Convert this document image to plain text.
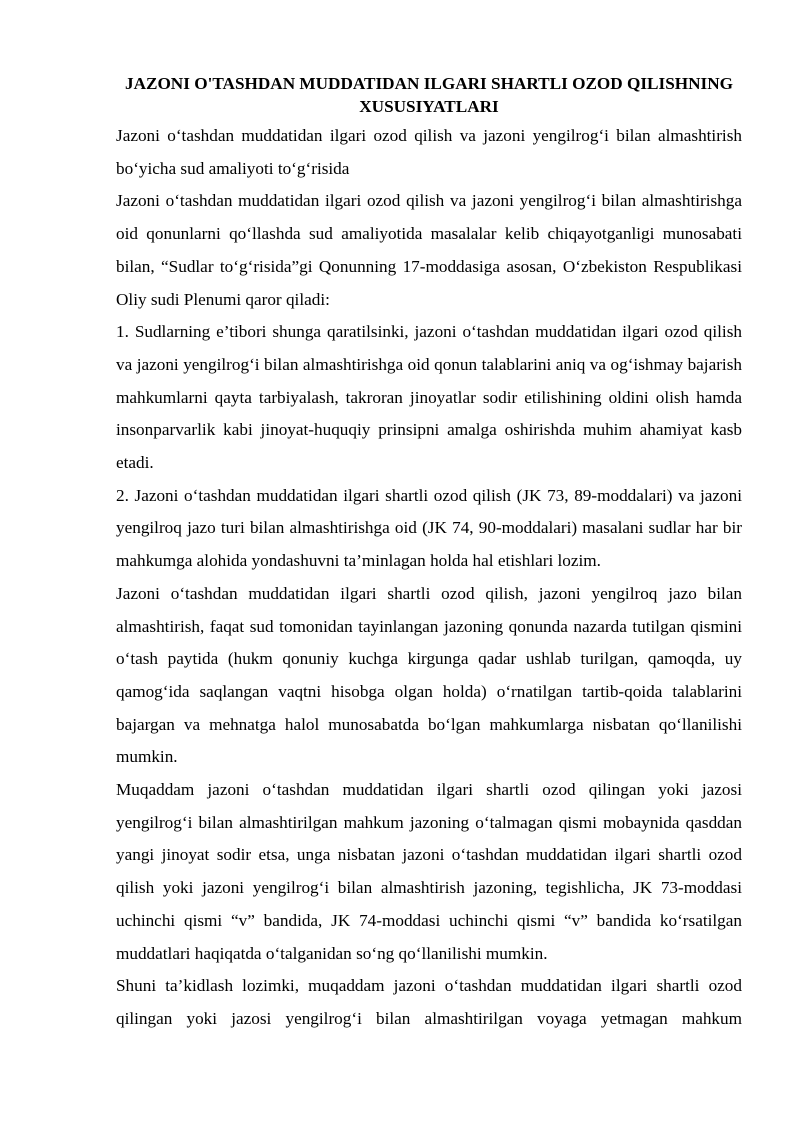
JAZONI O'TASHDAN MUDDATIDAN ILGARI SHARTLI OZOD QILISHNING XUSUSIYATLARI

Jazoni o‘tashdan muddatidan ilgari ozod qilish va jazoni yengilrog‘i bilan almashtirish bo‘yicha sud amaliyoti to‘g‘risida

Jazoni o‘tashdan muddatidan ilgari ozod qilish va jazoni yengilrog‘i bilan almashtirishga oid qonunlarni qo‘llashda sud amaliyotida masalalar kelib chiqayotganligi munosabati bilan, “Sudlar to‘g‘risida”gi Qonunning 17-moddasiga asosan, O‘zbekiston Respublikasi Oliy sudi Plenumi qaror qiladi:

1. Sudlarning e’tibori shunga qaratilsinki, jazoni o‘tashdan muddatidan ilgari ozod qilish va jazoni yengilrog‘i bilan almashtirishga oid qonun talablarini aniq va og‘ishmay bajarish mahkumlarni qayta tarbiyalash, takroran jinoyatlar sodir etilishining oldini olish hamda insonparvarlik kabi jinoyat-huquqiy prinsipni amalga oshirishda muhim ahamiyat kasb etadi.

2. Jazoni o‘tashdan muddatidan ilgari shartli ozod qilish (JK 73, 89-moddalari) va jazoni yengilroq jazo turi bilan almashtirishga oid (JK 74, 90-moddalari) masalani sudlar har bir mahkumga alohida yondashuvni ta’minlagan holda hal etishlari lozim.

Jazoni o‘tashdan muddatidan ilgari shartli ozod qilish, jazoni yengilroq jazo bilan almashtirish, faqat sud tomonidan tayinlangan jazoning qonunda nazarda tutilgan qismini o‘tash paytida (hukm qonuniy kuchga kirgunga qadar ushlab turilgan, qamoqda, uy qamog‘ida saqlangan vaqtni hisobga olgan holda) o‘rnatilgan tartib-qoida talablarini bajargan va mehnatga halol munosabatda bo‘lgan mahkumlarga nisbatan qo‘llanilishi mumkin.

Muqaddam jazoni o‘tashdan muddatidan ilgari shartli ozod qilingan yoki jazosi yengilrog‘i bilan almashtirilgan mahkum jazoning o‘talmagan qismi mobaynida qasddan yangi jinoyat sodir etsa, unga nisbatan jazoni o‘tashdan muddatidan ilgari shartli ozod qilish yoki jazoni yengilrog‘i bilan almashtirish jazoning, tegishlicha, JK 73-moddasi uchinchi qismi “v” bandida, JK 74-moddasi uchinchi qismi “v” bandida ko‘rsatilgan muddatlari haqiqatda o‘talganidan so‘ng qo‘llanilishi mumkin.

Shuni ta’kidlash lozimki, muqaddam jazoni o‘tashdan muddatidan ilgari shartli ozod qilingan yoki jazosi yengilrog‘i bilan almashtirilgan voyaga yetmagan mahkum
